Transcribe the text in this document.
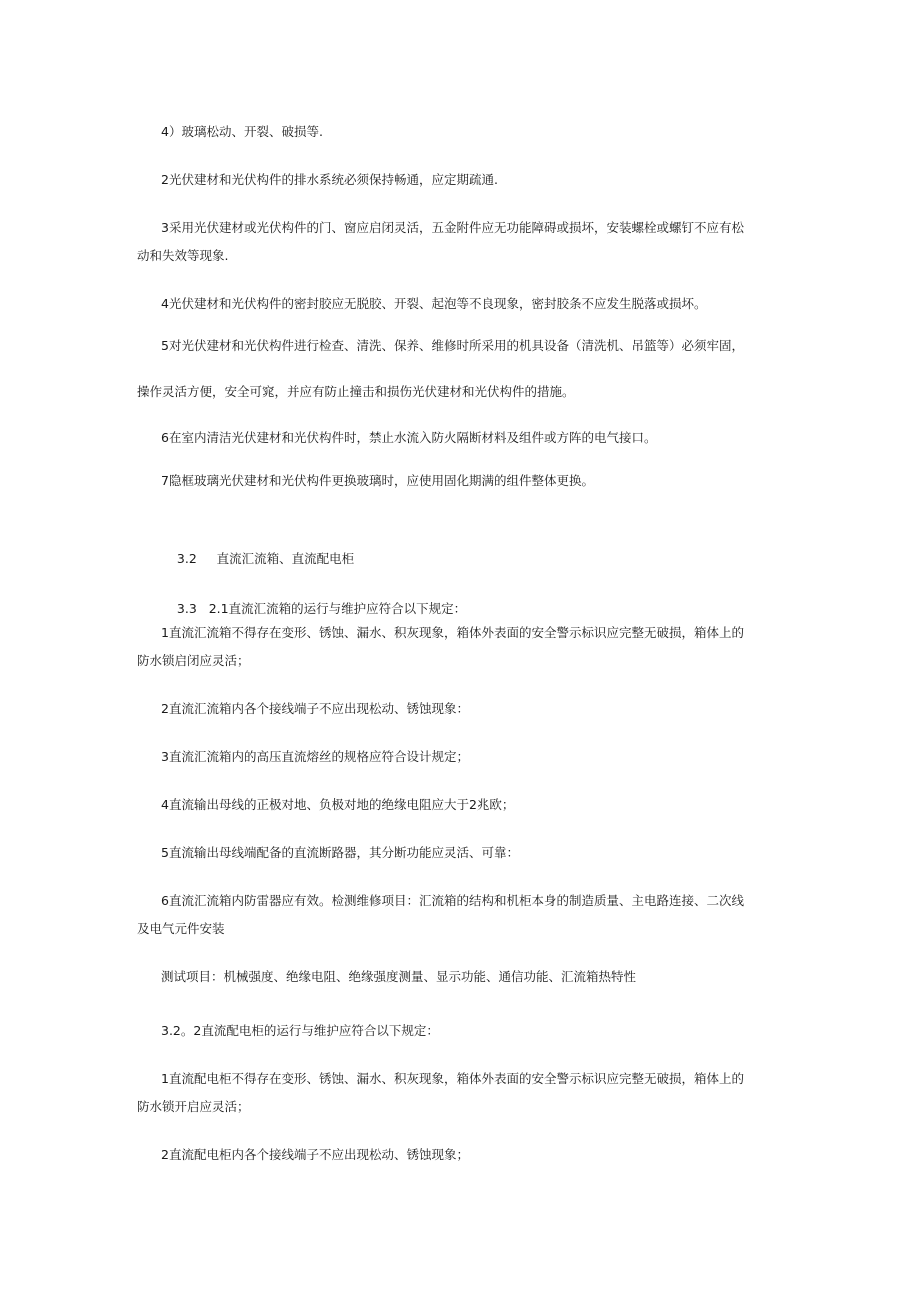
4）玻璃松动、开裂、破损等.

2光伏建材和光伏构件的排水系统必须保持畅通，应定期疏通.

3采用光伏建材或光伏构件的门、窗应启闭灵活，五金附件应无功能障碍或损坏，安装螺栓或螺钉不应有松

动和失效等现象.

4光伏建材和光伏构件的密封胶应无脱胶、开裂、起泡等不良现象，密封胶条不应发生脱落或损坏。

5对光伏建材和光伏构件进行检查、清洗、保养、维修时所采用的机具设备（清洗机、吊篮等）必须牢固，

操作灵活方便，安全可窕，并应有防止撞击和损伤光伏建材和光伏构件的措施。

6在室内清洁光伏建材和光伏构件时，禁止水流入防火隔断材料及组件或方阵的电气接口。

7隐框玻璃光伏建材和光伏构件更换玻璃时，应使用固化期满的组件整体更换。

3.2     直流汇流箱、直流配电柜

3.3   2.1直流汇流箱的运行与维护应符合以下规定：

1直流汇流箱不得存在变形、锈蚀、漏水、积灰现象，箱体外表面的安全警示标识应完整无破损，箱体上的

防水锁启闭应灵活；

2直流汇流箱内各个接线端子不应出现松动、锈蚀现象：

3直流汇流箱内的高压直流熔丝的规格应符合设计规定；

4直流输出母线的正极对地、负极对地的绝缘电阻应大于2兆欧；

5直流输出母线端配备的直流断路器，其分断功能应灵活、可靠：

6直流汇流箱内防雷器应有效。检测维修项目：汇流箱的结构和机柜本身的制造质量、主电路连接、二次线

及电气元件安装

测试项目：机械强度、绝缘电阻、绝缘强度测量、显示功能、通信功能、汇流箱热特性

3.2。2直流配电柜的运行与维护应符合以下规定：

1直流配电柜不得存在变形、锈蚀、漏水、积灰现象，箱体外表面的安全警示标识应完整无破损，箱体上的

防水锁开启应灵活；

2直流配电柜内各个接线端子不应出现松动、锈蚀现象；
